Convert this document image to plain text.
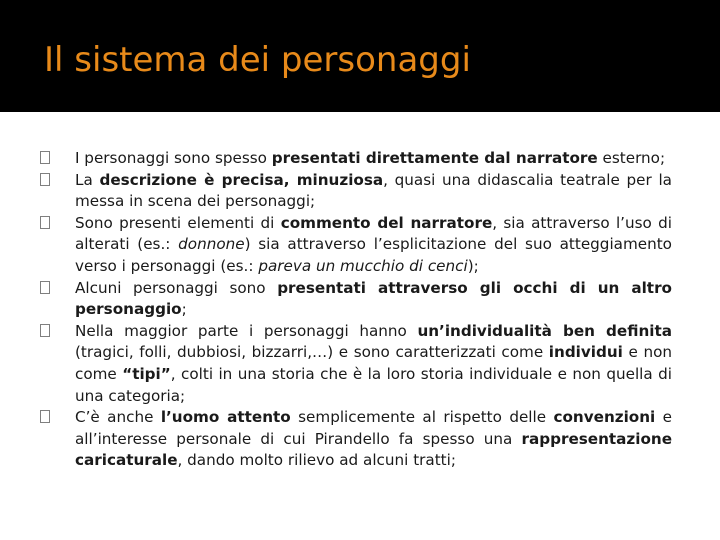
Il sistema dei personaggi
I personaggi sono spesso presentati direttamente dal narratore esterno;
La descrizione è precisa, minuziosa, quasi una didascalia teatrale per la messa in scena dei personaggi;
Sono presenti elementi di commento del narratore, sia attraverso l’uso di alterati (es.: donnone) sia attraverso l’esplicitazione del suo atteggiamento verso i personaggi (es.: pareva un mucchio di cenci);
Alcuni personaggi sono presentati attraverso gli occhi di un altro personaggio;
Nella maggior parte i personaggi hanno un’individualità ben definita (tragici, folli, dubbiosi, bizzarri,…) e sono caratterizzati come individui e non come “tipi”, colti in una storia che è la loro storia individuale e non quella di una categoria;
C’è anche l’uomo attento semplicemente al rispetto delle convenzioni e all’interesse personale di cui Pirandello fa spesso una rappresentazione caricaturale, dando molto rilievo ad alcuni tratti;
